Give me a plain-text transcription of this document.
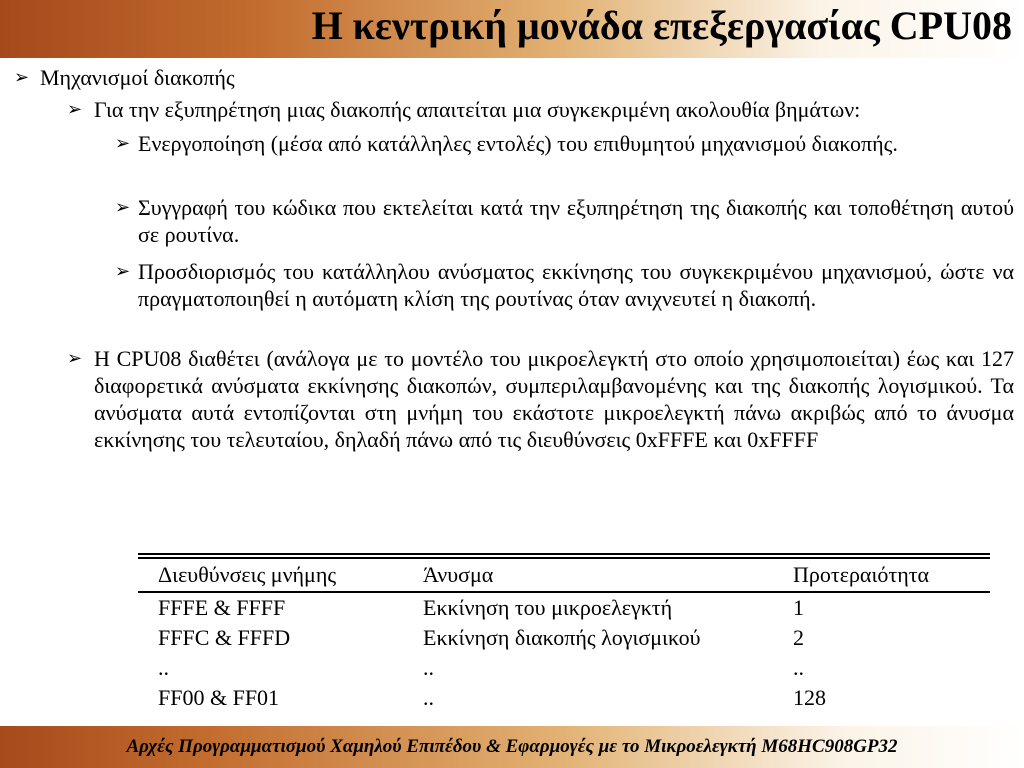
Η κεντρική μονάδα επεξεργασίας CPU08
➢ Μηχανισμοί διακοπής
➢ Για την εξυπηρέτηση μιας διακοπής απαιτείται μια συγκεκριμένη ακολουθία βημάτων:
➢ Ενεργοποίηση (μέσα από κατάλληλες εντολές) του επιθυμητού μηχανισμού διακοπής.
➢ Συγγραφή του κώδικα που εκτελείται κατά την εξυπηρέτηση της διακοπής και τοποθέτηση αυτού σε ρουτίνα.
➢ Προσδιορισμός του κατάλληλου ανύσματος εκκίνησης του συγκεκριμένου μηχανισμού, ώστε να πραγματοποιηθεί η αυτόματη κλίση της ρουτίνας όταν ανιχνευτεί η διακοπή.
➢ Η CPU08 διαθέτει (ανάλογα με το μοντέλο του μικροελεγκτή στο οποίο χρησιμοποιείται) έως και 127 διαφορετικά ανύσματα εκκίνησης διακοπών, συμπεριλαμβανομένης και της διακοπής λογισμικού. Τα ανύσματα αυτά εντοπίζονται στη μνήμη του εκάστοτε μικροελεγκτή πάνω ακριβώς από το άνυσμα εκκίνησης του τελευταίου, δηλαδή πάνω από τις διευθύνσεις 0xFFFE και 0xFFFF
Διευθύνσεις μνήμης	Άνυσμα	Προτεραιότητα
FFFE & FFFF	Εκκίνηση του μικροελεγκτή	1
FFFC & FFFD	Εκκίνηση διακοπής λογισμικού	2
..	..	..
FF00 & FF01	..	128
Αρχές Προγραμματισμού Χαμηλού Επιπέδου & Εφαρμογές με το Μικροελεγκτή M68HC908GP32
